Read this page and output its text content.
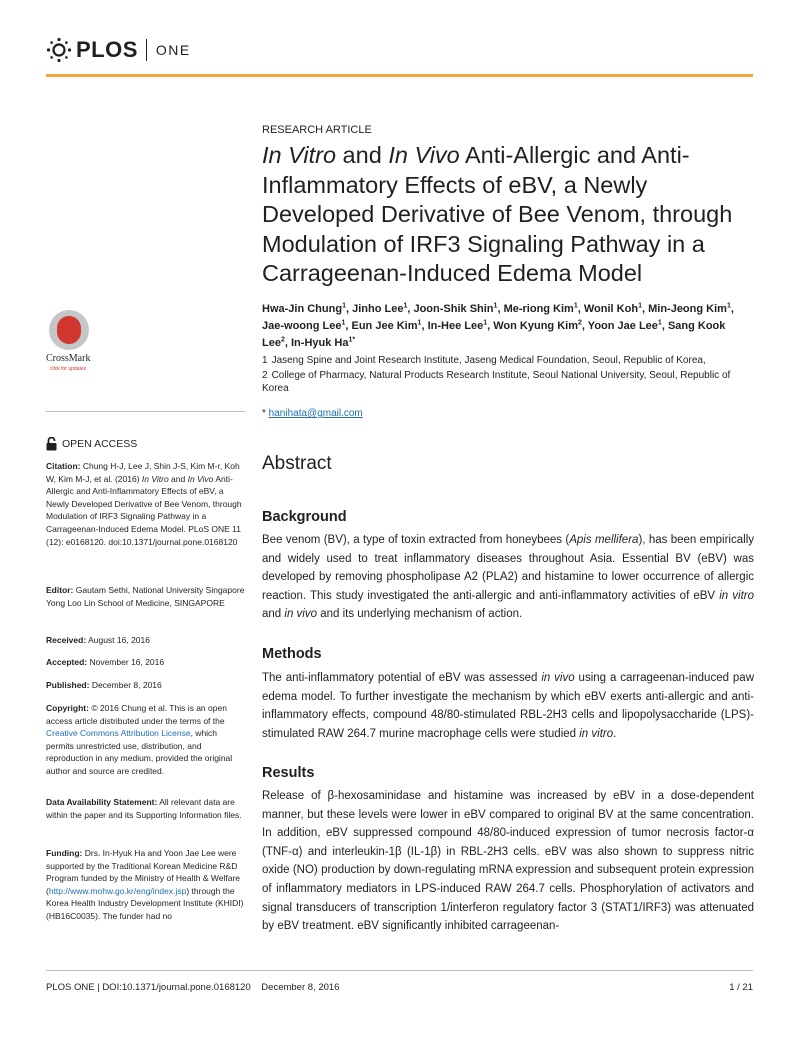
PLOS ONE
CrossMark
click for updates
OPEN ACCESS
Citation: Chung H-J, Lee J, Shin J-S, Kim M-r, Koh W, Kim M-J, et al. (2016) In Vitro and In Vivo Anti-Allergic and Anti-Inflammatory Effects of eBV, a Newly Developed Derivative of Bee Venom, through Modulation of IRF3 Signaling Pathway in a Carrageenan-Induced Edema Model. PLoS ONE 11 (12): e0168120. doi:10.1371/journal.pone.0168120
Editor: Gautam Sethi, National University Singapore Yong Loo Lin School of Medicine, SINGAPORE
Received: August 16, 2016
Accepted: November 16, 2016
Published: December 8, 2016
Copyright: © 2016 Chung et al. This is an open access article distributed under the terms of the Creative Commons Attribution License, which permits unrestricted use, distribution, and reproduction in any medium, provided the original author and source are credited.
Data Availability Statement: All relevant data are within the paper and its Supporting Information files.
Funding: Drs. In-Hyuk Ha and Yoon Jae Lee were supported by the Traditional Korean Medicine R&D Program funded by the Ministry of Health & Welfare (http://www.mohw.go.kr/eng/index.jsp) through the Korea Health Industry Development Institute (KHIDI) (HB16C0035). The funder had no
RESEARCH ARTICLE
In Vitro and In Vivo Anti-Allergic and Anti-Inflammatory Effects of eBV, a Newly Developed Derivative of Bee Venom, through Modulation of IRF3 Signaling Pathway in a Carrageenan-Induced Edema Model
Hwa-Jin Chung$^1$, Jinho Lee$^1$, Joon-Shik Shin$^1$, Me-riong Kim$^1$, Wonil Koh$^1$, Min-Jeong Kim$^1$, Jae-woong Lee$^1$, Eun Jee Kim$^1$, In-Hee Lee$^1$, Won Kyung Kim$^2$, Yoon Jae Lee$^1$, Sang Kook Lee$^2$, In-Hyuk $Ha^{1*}$
1 Jaseng Spine and Joint Research Institute, Jaseng Medical Foundation, Seoul, Republic of Korea,
2 College of Pharmacy, Natural Products Research Institute, Seoul National University, Seoul, Republic of Korea
* hanihata@gmail.com
Abstract
Background
Bee venom (BV), a type of toxin extracted from honeybees (Apis mellifera), has been empirically and widely used to treat inflammatory diseases throughout Asia. Essential BV (eBV) was developed by removing phospholipase A2 (PLA2) and histamine to lower occurrence of allergic reaction. This study investigated the anti-allergic and anti-inflammatory activities of eBV in vitro and in vivo and its underlying mechanism of action.
Methods
The anti-inflammatory potential of eBV was assessed in vivo using a carrageenan-induced paw edema model. To further investigate the mechanism by which eBV exerts anti-allergic and anti-inflammatory effects, compound 48/80-stimulated RBL-2H3 cells and lipopolysaccharide (LPS)-stimulated RAW 264.7 murine macrophage cells were studied in vitro.
Results
Release of β-hexosaminidase and histamine was increased by eBV in a dose-dependent manner, but these levels were lower in eBV compared to original BV at the same concentration. In addition, eBV suppressed compound 48/80-induced expression of tumor necrosis factor-α (TNF-α) and interleukin-1β (IL-1β) in RBL-2H3 cells. eBV was also shown to suppress nitric oxide (NO) production by down-regulating mRNA expression and subsequent protein expression of inflammatory mediators in LPS-induced RAW 264.7 cells. Phosphorylation of activators and signal transducers of transcription 1/interferon regulatory factor 3 (STAT1/IRF3) was attenuated by eBV treatment. eBV significantly inhibited carrageenan-
PLOS ONE | DOI:10.1371/journal.pone.0168120    December 8, 2016	1 / 21
